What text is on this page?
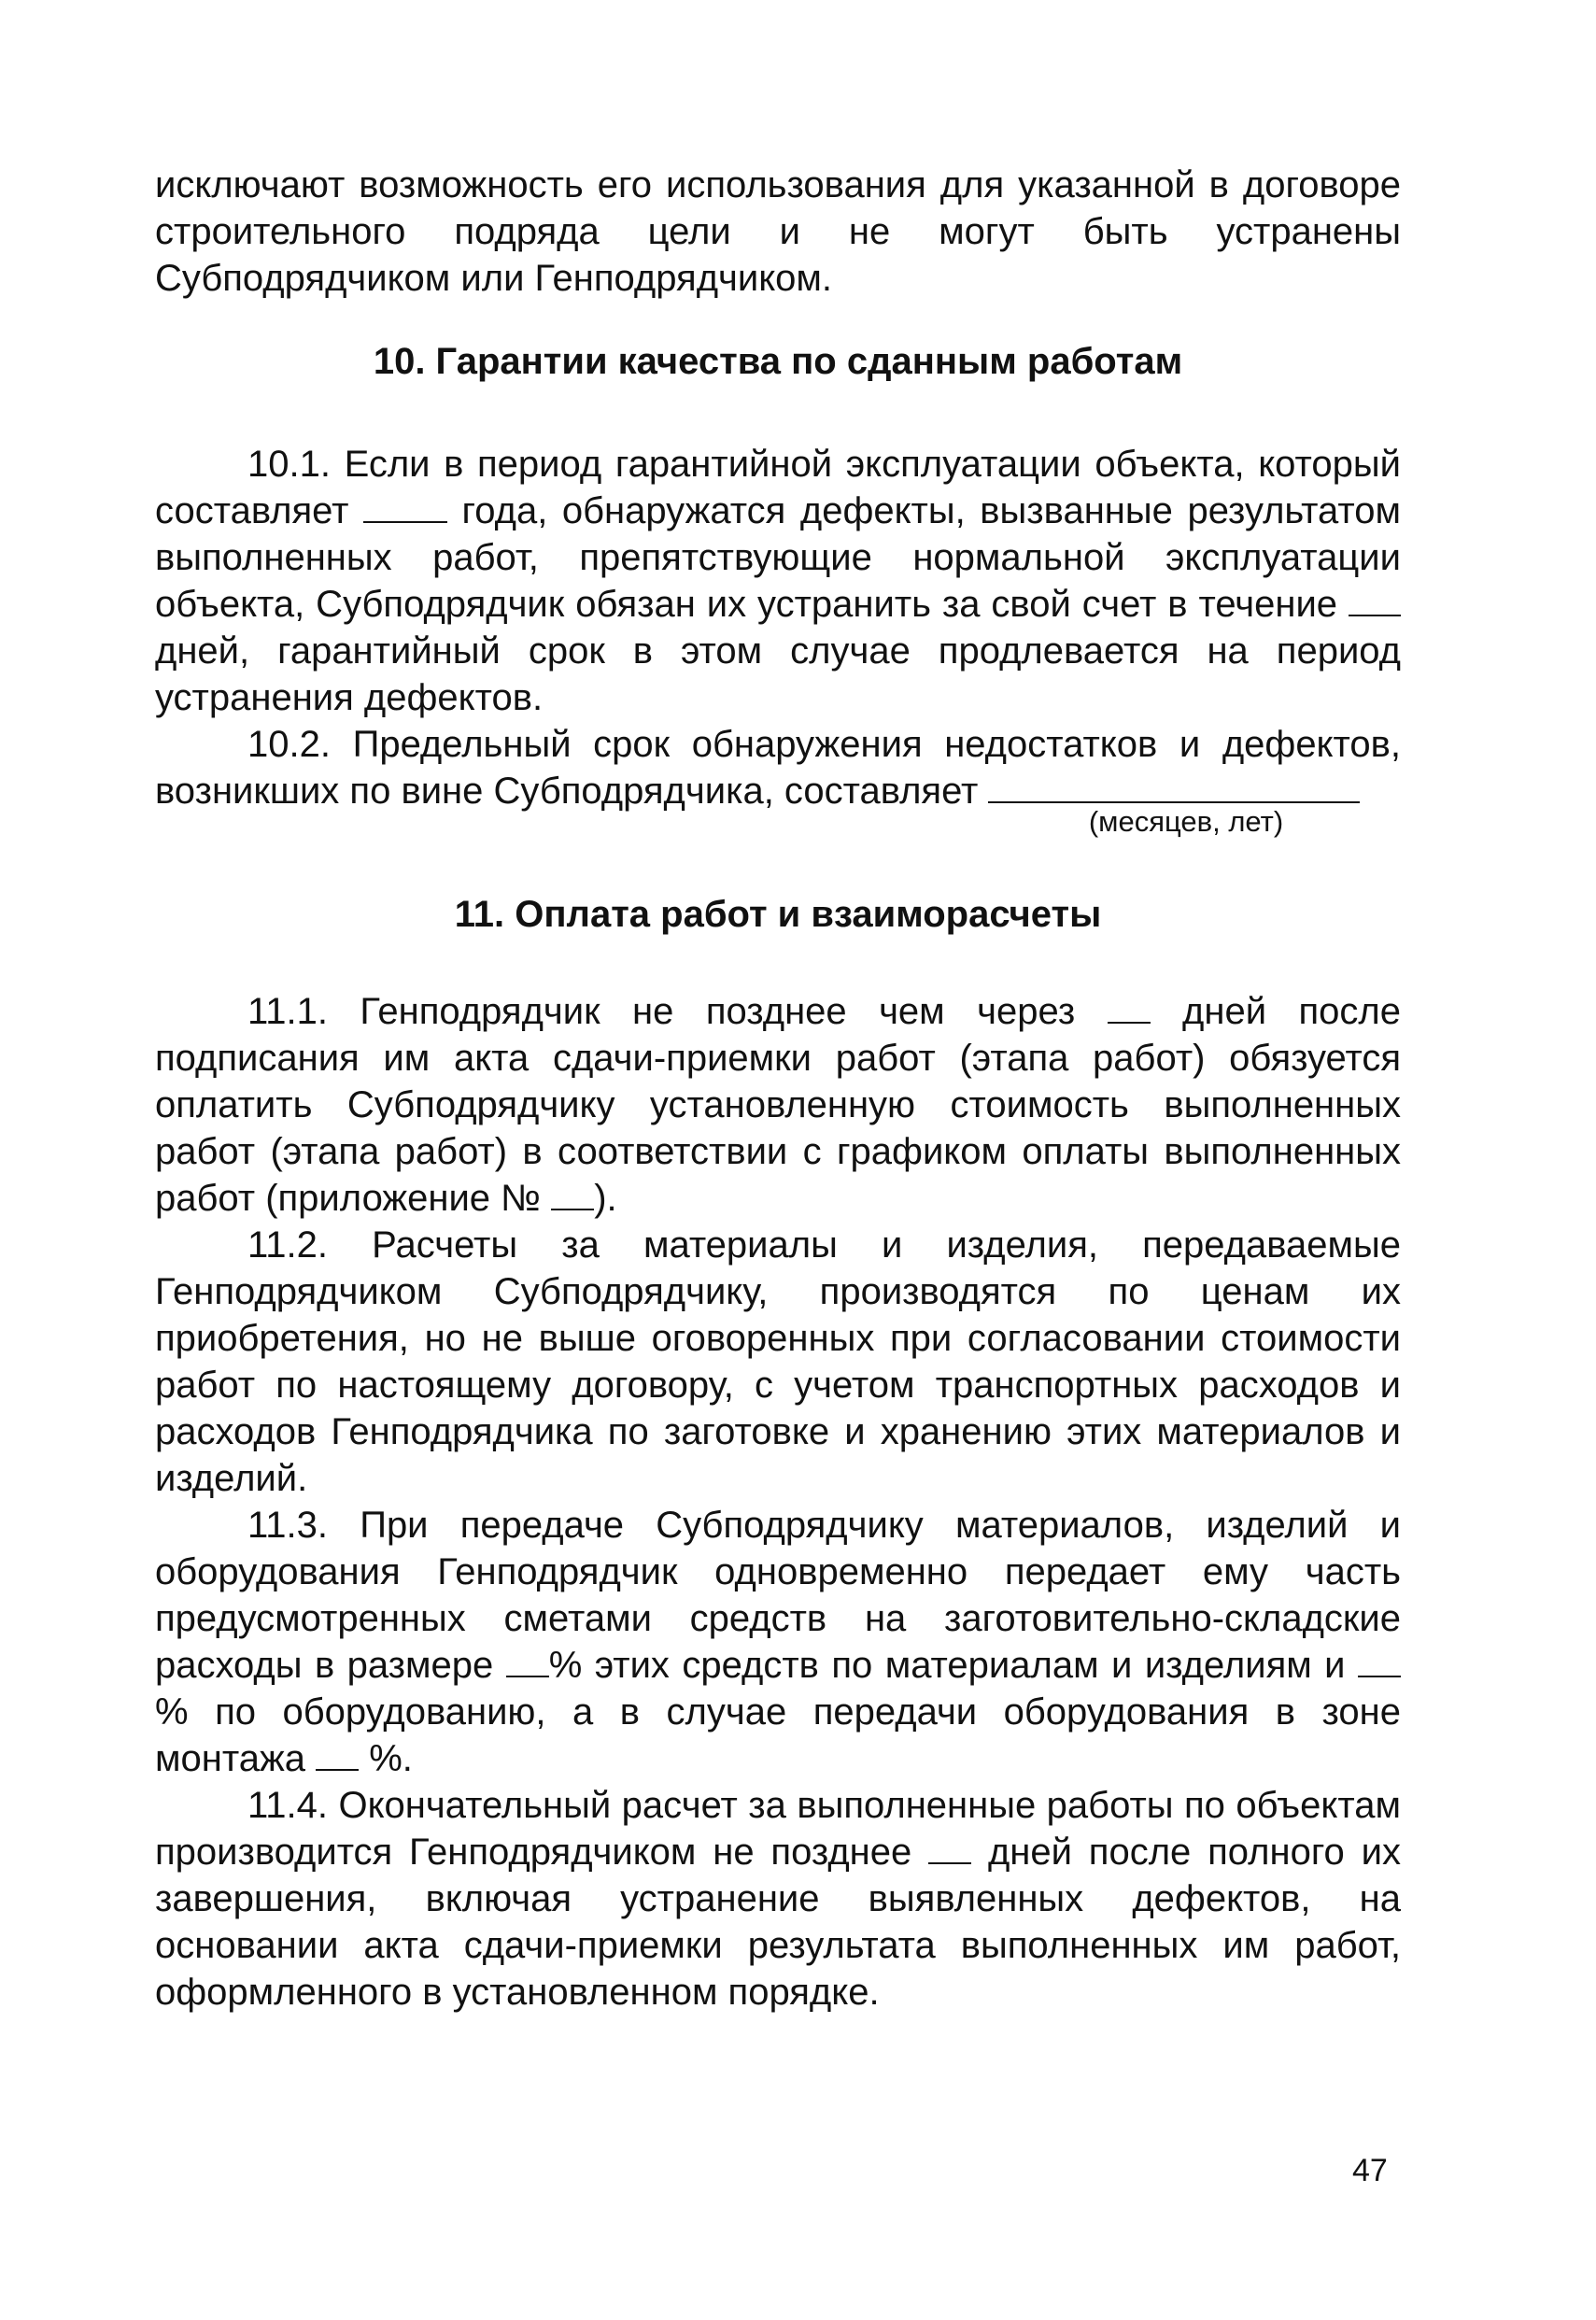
исключают возможность его использования для указанной в договоре строительного подряда цели и не могут быть устранены Субподрядчиком или Генподрядчиком.

10. Гарантии качества по сданным работам

10.1. Если в период гарантийной эксплуатации объекта, который составляет	года, обнаружатся дефекты, вызванные результатом выполненных работ, препятствующие нормальной эксплуатации объекта, Субподрядчик обязан их устранить за свой счет в течение  дней, гарантийный срок в этом случае продлевается на период устранения дефектов.

10.2. Предельный срок обнаружения недостатков и дефектов, возникших по вине Субподрядчика, составляет

(месяцев, лет)
11. Оплата работ и взаиморасчеты

11.1. Генподрядчик не позднее чем через	дней после подписания им акта сдачи-приемки работ (этапа работ) обязуется оплатить Субподрядчику установленную стоимость выполненных работ (этапа работ) в соответствии с графиком оплаты выполненных работ (приложение № ).

11.2. Расчеты за материалы и изделия, передаваемые Генподрядчиком Субподрядчику, производятся по ценам их приобретения, но не выше оговоренных при согласовании стоимости работ по настоящему договору, с учетом транспортных расходов и расходов Генподрядчика по заготовке и хранению этих материалов и изделий.

11.3. При передаче Субподрядчику материалов, изделий и оборудования Генподрядчик одновременно передает ему часть предусмотренных сметами средств на заготовительно-складские расходы в размере % этих средств по материалам и изделиям и  % по оборудованию, а в случае передачи оборудования в зоне монтажа %.

11.4. Окончательный расчет за выполненные работы по объектам производится Генподрядчиком не позднее дней после полного их завершения, включая устранение выявленных дефектов, на основании акта сдачи-приемки результата выполненных им работ, оформленного в установленном порядке.

47
